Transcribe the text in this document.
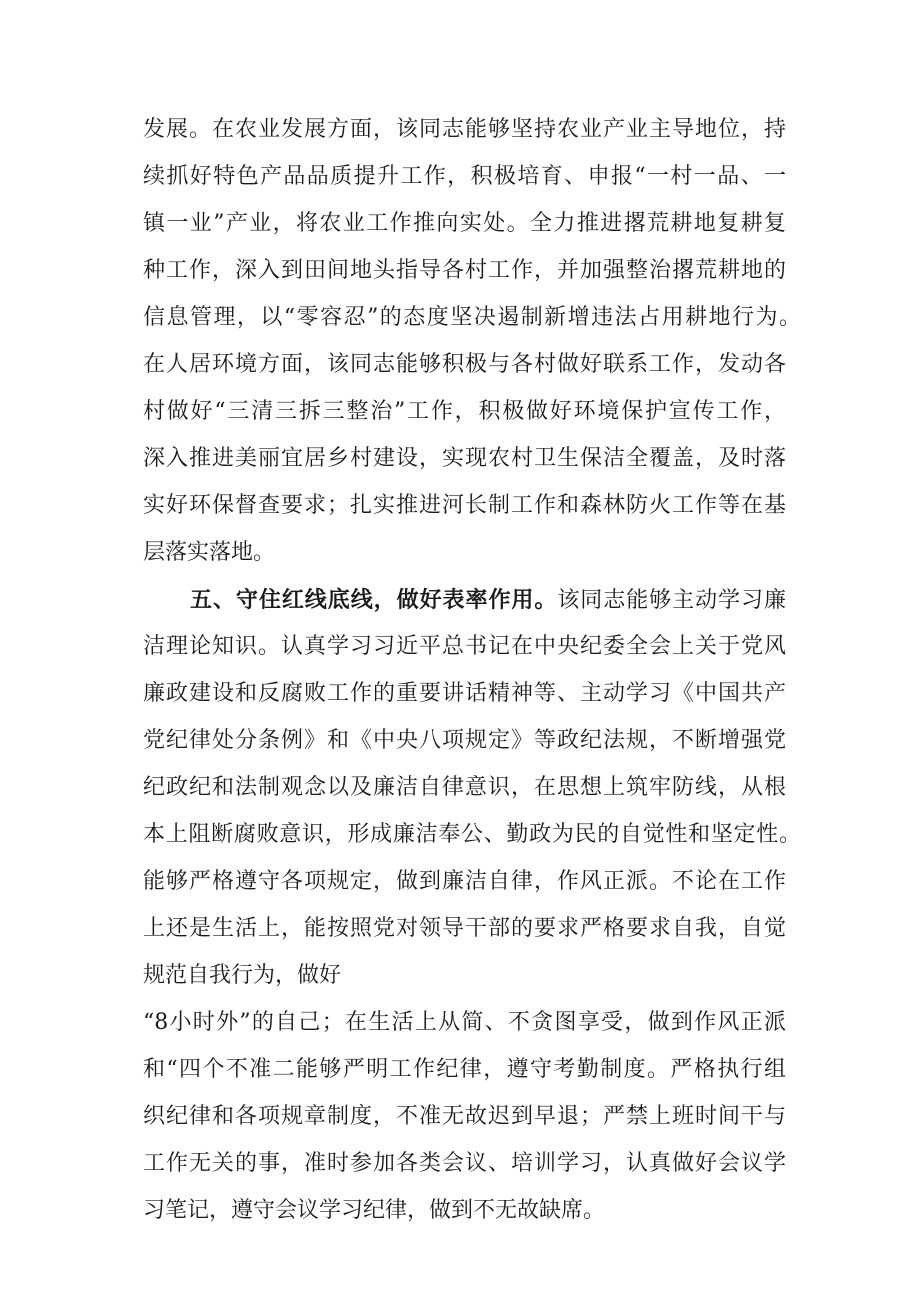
发展。在农业发展方面，该同志能够坚持农业产业主导地位，持
续抓好特色产品品质提升工作，积极培育、申报“一村一品、一
镇一业”产业，将农业工作推向实处。全力推进撂荒耕地复耕复
种工作，深入到田间地头指导各村工作，并加强整治撂荒耕地的
信息管理，以“零容忍”的态度坚决遏制新增违法占用耕地行为。
在人居环境方面，该同志能够积极与各村做好联系工作，发动各
村做好“三清三拆三整治”工作，积极做好环境保护宣传工作，
深入推进美丽宜居乡村建设，实现农村卫生保洁全覆盖，及时落
实好环保督查要求；扎实推进河长制工作和森林防火工作等在基
层落实落地。
五、守住红线底线，做好表率作用。该同志能够主动学习廉
洁理论知识。认真学习习近平总书记在中央纪委全会上关于党风
廉政建设和反腐败工作的重要讲话精神等、主动学习《中国共产
党纪律处分条例》和《中央八项规定》等政纪法规，不断增强党
纪政纪和法制观念以及廉洁自律意识，在思想上筑牢防线，从根
本上阻断腐败意识，形成廉洁奉公、勤政为民的自觉性和坚定性。
能够严格遵守各项规定，做到廉洁自律，作风正派。不论在工作
上还是生活上，能按照党对领导干部的要求严格要求自我，自觉
规范自我行为，做好
“8小时外”的自己；在生活上从简、不贪图享受，做到作风正派
和“四个不准二能够严明工作纪律，遵守考勤制度。严格执行组
织纪律和各项规章制度，不准无故迟到早退；严禁上班时间干与
工作无关的事，准时参加各类会议、培训学习，认真做好会议学
习笔记，遵守会议学习纪律，做到不无故缺席。
